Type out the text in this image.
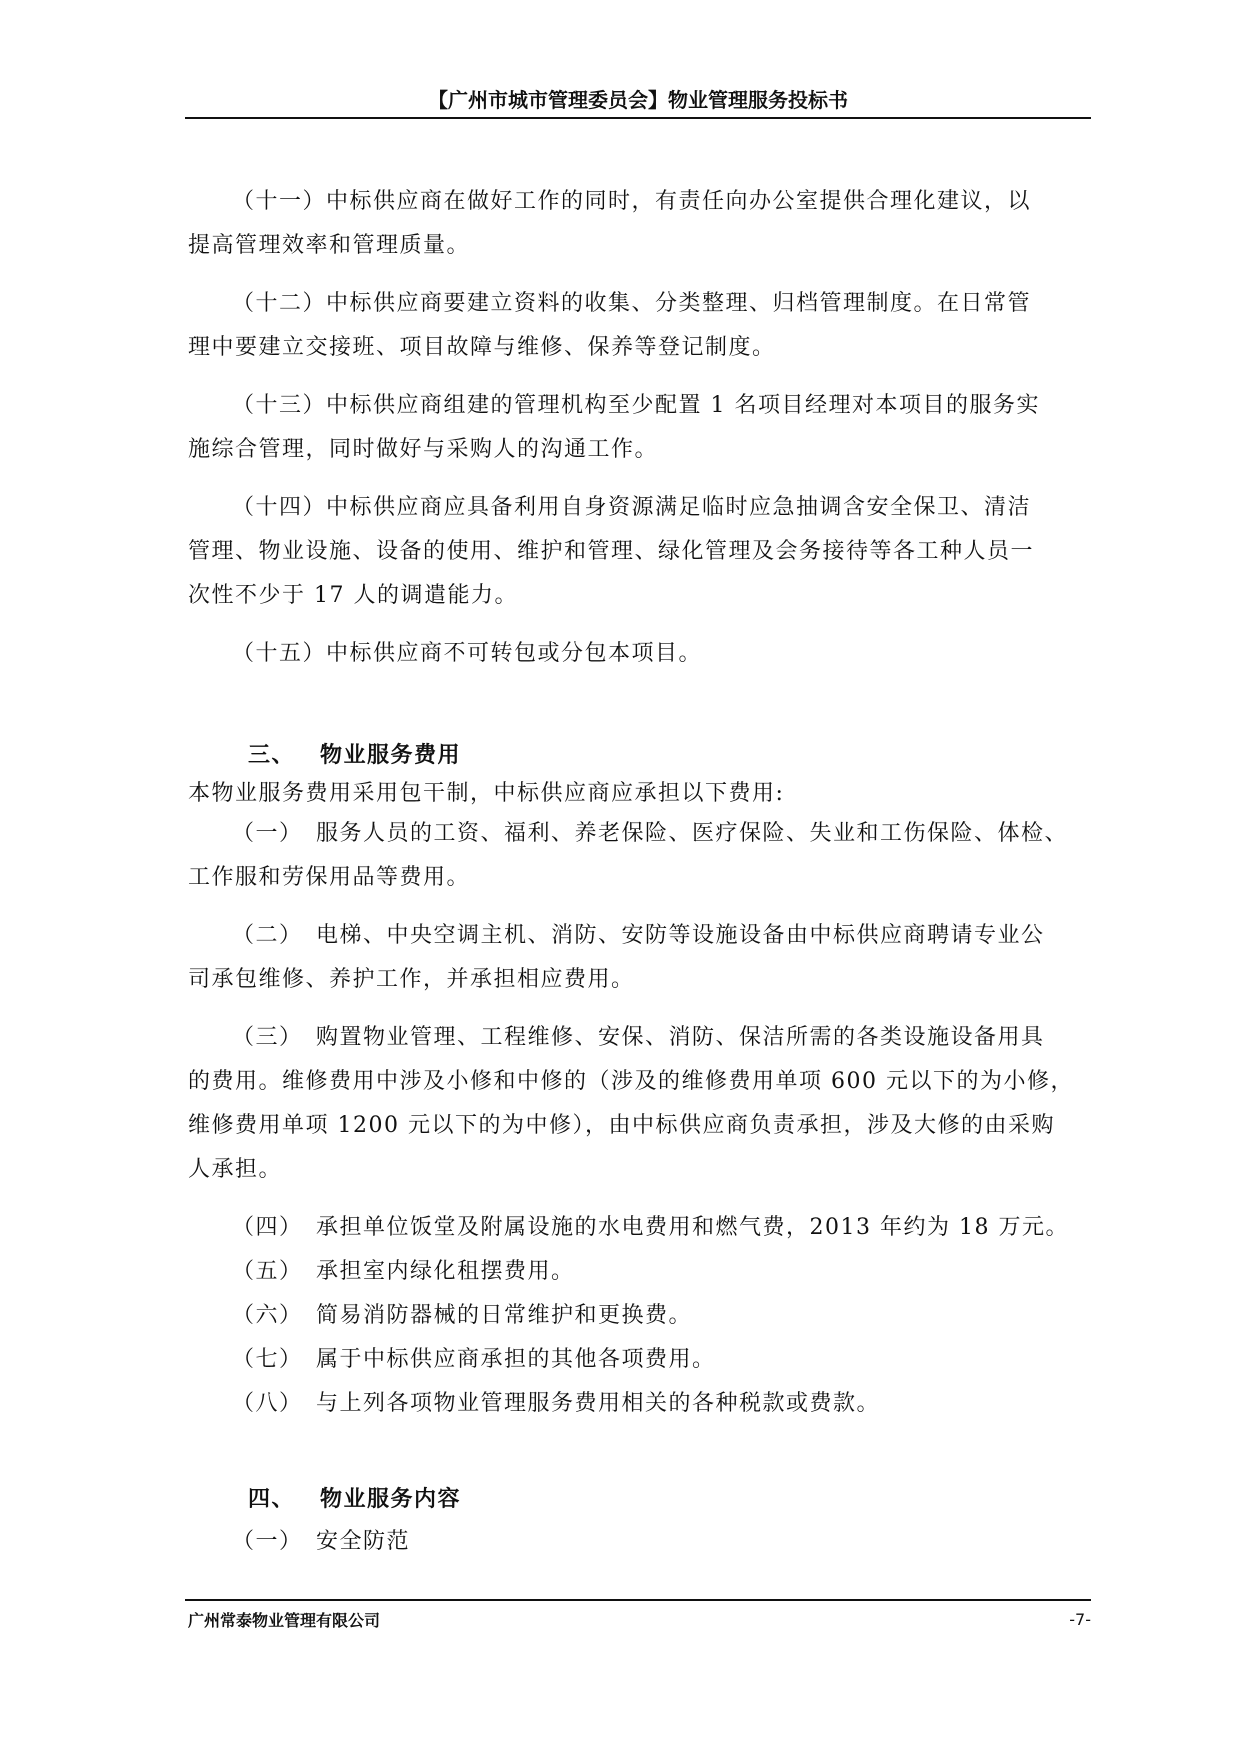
【广州市城市管理委员会】物业管理服务投标书
（十一）中标供应商在做好工作的同时，有责任向办公室提供合理化建议，以
提高管理效率和管理质量。
（十二）中标供应商要建立资料的收集、分类整理、归档管理制度。在日常管
理中要建立交接班、项目故障与维修、保养等登记制度。
（十三）中标供应商组建的管理机构至少配置 1 名项目经理对本项目的服务实
施综合管理，同时做好与采购人的沟通工作。
（十四）中标供应商应具备利用自身资源满足临时应急抽调含安全保卫、清洁
管理、物业设施、设备的使用、维护和管理、绿化管理及会务接待等各工种人员一
次性不少于 17 人的调遣能力。
（十五）中标供应商不可转包或分包本项目。
三、 物业服务费用
本物业服务费用采用包干制，中标供应商应承担以下费用:
（一） 服务人员的工资、福利、养老保险、医疗保险、失业和工伤保险、体检、
工作服和劳保用品等费用。
（二） 电梯、中央空调主机、消防、安防等设施设备由中标供应商聘请专业公
司承包维修、养护工作，并承担相应费用。
（三） 购置物业管理、工程维修、安保、消防、保洁所需的各类设施设备用具
的费用。维修费用中涉及小修和中修的（涉及的维修费用单项 600 元以下的为小修，
维修费用单项 1200 元以下的为中修），由中标供应商负责承担，涉及大修的由采购
人承担。
（四） 承担单位饭堂及附属设施的水电费用和燃气费，2013 年约为 18 万元。
（五） 承担室内绿化租摆费用。
（六） 简易消防器械的日常维护和更换费。
（七） 属于中标供应商承担的其他各项费用。
（八） 与上列各项物业管理服务费用相关的各种税款或费款。
四、 物业服务内容
（一） 安全防范
广州常泰物业管理有限公司	-7-
